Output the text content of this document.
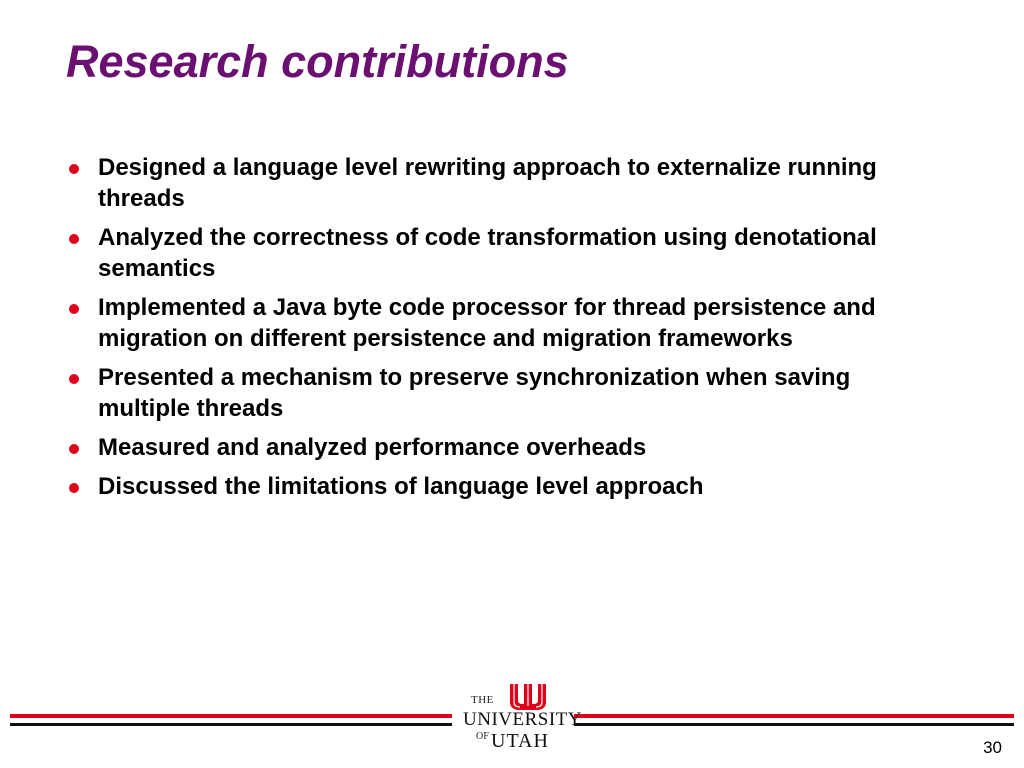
Research contributions
Designed a language level rewriting approach to externalize running threads
Analyzed the correctness of code transformation using denotational semantics
Implemented a Java byte code processor for thread persistence and migration on different persistence and migration frameworks
Presented a mechanism to preserve synchronization when saving multiple threads
Measured and analyzed performance overheads
Discussed the limitations of language level approach
THE
UNIVERSITY
OF UTAH	30
